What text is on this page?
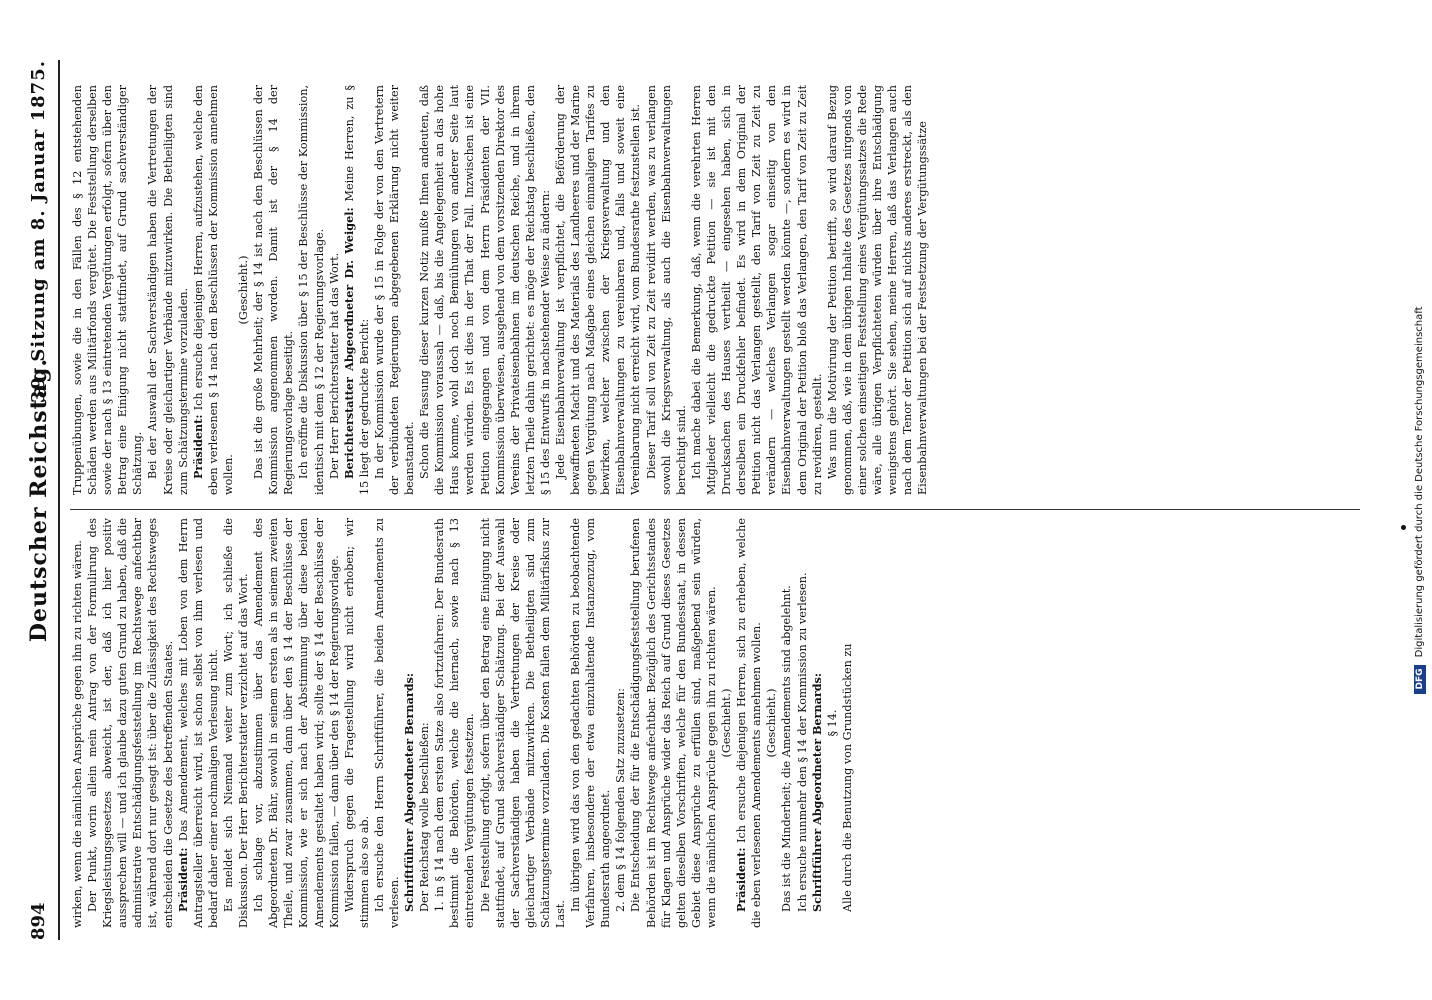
894
Deutscher Reichstag.
39. Sitzung am 8. Januar 1875.

wirken, wenn die nämlichen Ansprüche gegen ihn zu richten wären. Der Punkt, worin allein mein Antrag von der Formulirung des Kriegsleistungsgesetzes abweicht, ist der, daß ich hier positiv aussprechen will — und ich glaube dazu guten Grund zu haben, daß die administrative Entschädigungsfeststellung im Rechtswege anfechtbar ist, während dort nur gesagt ist: über die Zulässigkeit des Rechtsweges entscheiden die Gesetze des betreffenden Staates. Präsident: Das Amendement, welches mit Loben von dem Herrn Antragsteller überreicht wird, ist schon selbst von ihm verlesen und bedarf daher einer nochmaligen Verlesung nicht. Es meldet sich Niemand weiter zum Wort; ich schließe die Diskussion. Der Herr Berichterstatter verzichtet auf das Wort. Ich schlage vor, abzustimmen über das Amendement des Abgeordneten Dr. Bähr, sowohl in seinem ersten als in seinem zweiten Theile, und zwar zusammen, dann über den § 14 der Beschlüsse der Kommission, wie er sich nach der Abstimmung über diese beiden Amendements gestaltet haben wird; sollte der § 14 der Beschlüsse der Kommission fallen, — dann über den § 14 der Regierungsvorlage. Widerspruch gegen die Fragestellung wird nicht erhoben; wir stimmen also so ab. Ich ersuche den Herrn Schriftführer, die beiden Amendements zu verlesen. Schriftführer Abgeordneter Bernards: Der Reichstag wolle beschließen: 1. in § 14 nach dem ersten Satze also fortzufahren: Der Bundesrath bestimmt die Behörden, welche die hiernach, sowie nach § 13 eintretenden Vergütungen festsetzen. Die Feststellung erfolgt, sofern über den Betrag eine Einigung nicht stattfindet, auf Grund sachverständiger Schätzung. Bei der Auswahl der Sachverständigen haben die Vertretungen der Kreise oder gleichartiger Verbände mitzuwirken. Die Betheiligten sind zum Schätzungstermine vorzuladen. Die Kosten fallen dem Militärfiskus zur Last.

Im übrigen wird das von den gedachten Behörden zu beobachtende Verfahren, insbesondere der etwa einzuhaltende Instanzenzug, vom Bundesrath angeordnet. 2. dem § 14 folgenden Satz zuzusetzen: Die Entscheidung der für die Entschädigungsfeststellung berufenen Behörden ist im Rechtswege anfechtbar. Bezüglich des Gerichtsstandes für Klagen und Ansprüche wider das Reich auf Grund dieses Gesetzes gelten dieselben Vorschriften, welche für den Bundesstaat, in dessen Gebiet diese Ansprüche zu erfüllen sind, maßgebend sein würden, wenn die nämlichen Ansprüche gegen ihn zu richten wären. (Geschieht.)

Präsident: Ich ersuche diejenigen Herren, sich zu erheben, welche die eben verlesenen Amendements annehmen wollen. (Geschieht.) Das ist die Minderheit; die Amendements sind abgelehnt. Ich ersuche nunmehr den § 14 der Kommission zu verlesen. Schriftführer Abgeordneter Bernards: § 14. Alle durch die Benutzung von Grundstücken zu

Truppenübungen, sowie die in den Fällen des § 12 entstehenden Schäden werden aus Militärfonds vergütet. Die Feststellung derselben sowie der nach § 13 eintretenden Vergütungen erfolgt, sofern über den Betrag eine Einigung nicht stattfindet, auf Grund sachverständiger Schätzung. Bei der Auswahl der Sachverständigen haben die Vertretungen der Kreise oder gleichartiger Verbände mitzuwirken. Die Betheiligten sind zum Schätzungstermine vorzuladen. Präsident: Ich ersuche diejenigen Herren, aufzustehen, welche den eben verlesenen § 14 nach den Beschlüssen der Kommission annehmen wollen.

(Geschieht.) Das ist die große Mehrheit; der § 14 ist nach den Beschlüssen der Kommission angenommen worden. Damit ist der § 14 der Regierungsvorlage beseitigt. Ich eröffne die Diskussion über § 15 der Beschlüsse der Kommission, identisch mit dem § 12 der Regierungsvorlage. Der Herr Berichterstatter hat das Wort. Berichterstatter Abgeordneter Dr. Weigel: Meine Herren, zu § 15 liegt der gedruckte Bericht: In der Kommission wurde der § 15 in Folge der von den Vertretern der verbündeten Regierungen abgegebenen Erklärung nicht weiter beanstandet. Schon die Fassung dieser kurzen Notiz mußte Ihnen andeuten, daß die Kommission voraussah — daß, bis die Angelegenheit an das hohe Haus komme, wohl doch noch Bemühungen von anderer Seite laut werden würden. Es ist dies in der That der Fall. Inzwischen ist eine Petition eingegangen und von dem Herrn Präsidenten der VII. Kommission überwiesen, ausgehend von dem vorsitzenden Direktor des Vereins der Privateisenbahnen im deutschen Reiche, und in ihrem letzten Theile dahin gerichtet: es möge der Reichstag beschließen, den § 15 des Entwurfs in nachstehender Weise zu ändern: Jede Eisenbahnverwaltung ist verpflichtet, die Beförderung der bewaffneten Macht und des Materials des Landheeres und der Marine gegen Vergütung nach Maßgabe eines gleichen einmaligen Tarifes zu bewirken, welcher zwischen der Kriegsverwaltung und den Eisenbahnverwaltungen zu vereinbaren und, falls und soweit eine Vereinbarung nicht erreicht wird, vom Bundesrathe festzustellen ist. Dieser Tarif soll von Zeit zu Zeit revidirt werden, was zu verlangen sowohl die Kriegsverwaltung, als auch die Eisenbahnverwaltungen berechtigt sind. Ich mache dabei die Bemerkung, daß, wenn die verehrten Herren Mitglieder vielleicht die gedruckte Petition — sie ist mit den Drucksachen des Hauses vertheilt — eingesehen haben, sich in derselben ein Druckfehler befindet. Es wird in dem Original der Petition nicht das Verlangen gestellt, den Tarif von Zeit zu Zeit zu verändern — welches Verlangen sogar einseitig von den Eisenbahnverwaltungen gestellt werden könnte —, sondern es wird in dem Original der Petition bloß das Verlangen, den Tarif von Zeit zu Zeit zu revidiren, gestellt. Was nun die Motivirung der Petition betrifft, so wird darauf Bezug genommen, daß, wie in dem übrigen Inhalte des Gesetzes nirgends von einer solchen einseitigen Feststellung eines Vergütungssatzes die Rede wäre, alle übrigen Verpflichteten würden über ihre Entschädigung wenigstens gehört. Sie sehen, meine Herren, daß das Verlangen auch nach dem Tenor der Petition sich auf nichts anderes erstreckt, als den Eisenbahnverwaltungen bei der Festsetzung der Vergütungssätze

DFG Digitalisierung gefördert durch die Deutsche Forschungsgemeinschaft
